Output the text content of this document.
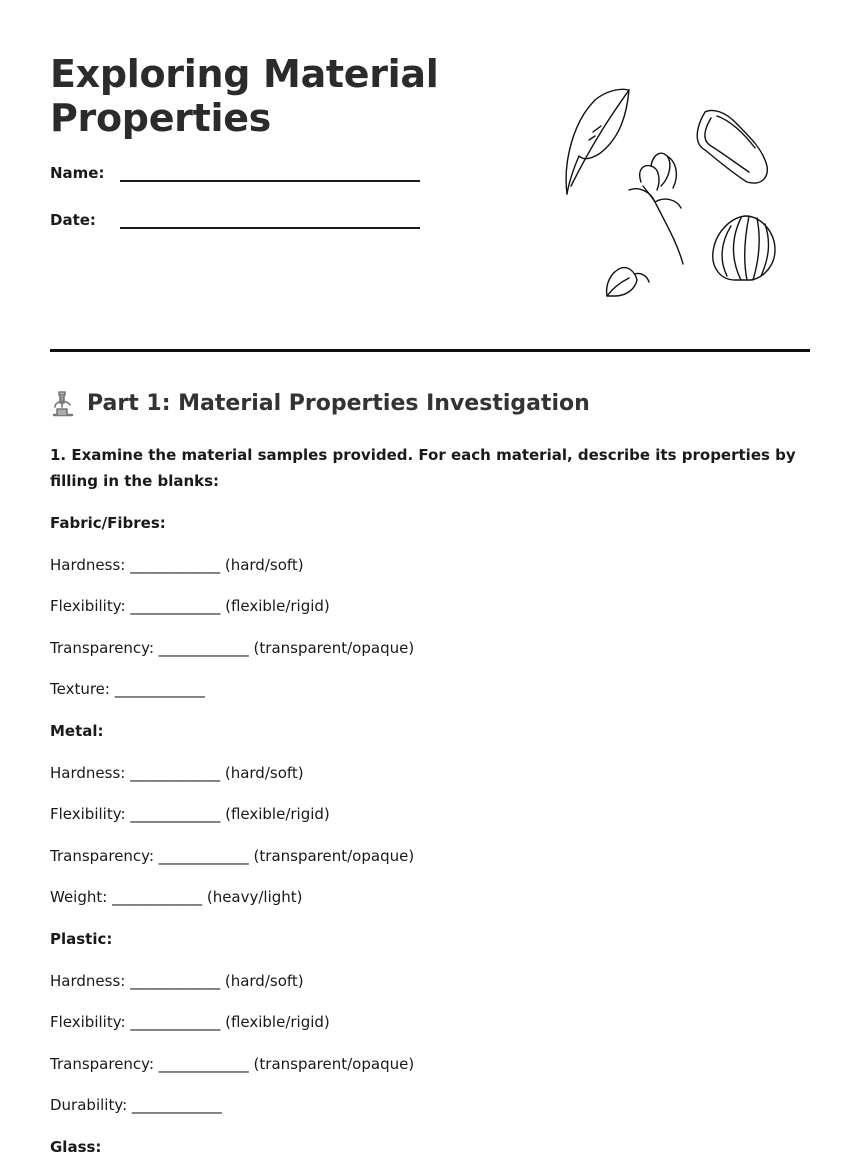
Exploring Material Properties
Name:
Date:
Part 1: Material Properties Investigation

1. Examine the material samples provided. For each material, describe its properties by filling in the blanks:

Fabric/Fibres:
Hardness: ____________ (hard/soft)
Flexibility: ____________ (flexible/rigid)
Transparency: ____________ (transparent/opaque)
Texture: ____________
Metal:
Hardness: ____________ (hard/soft)
Flexibility: ____________ (flexible/rigid)
Transparency: ____________ (transparent/opaque)
Weight: ____________ (heavy/light)
Plastic:
Hardness: ____________ (hard/soft)
Flexibility: ____________ (flexible/rigid)
Transparency: ____________ (transparent/opaque)
Durability: ____________
Glass:
